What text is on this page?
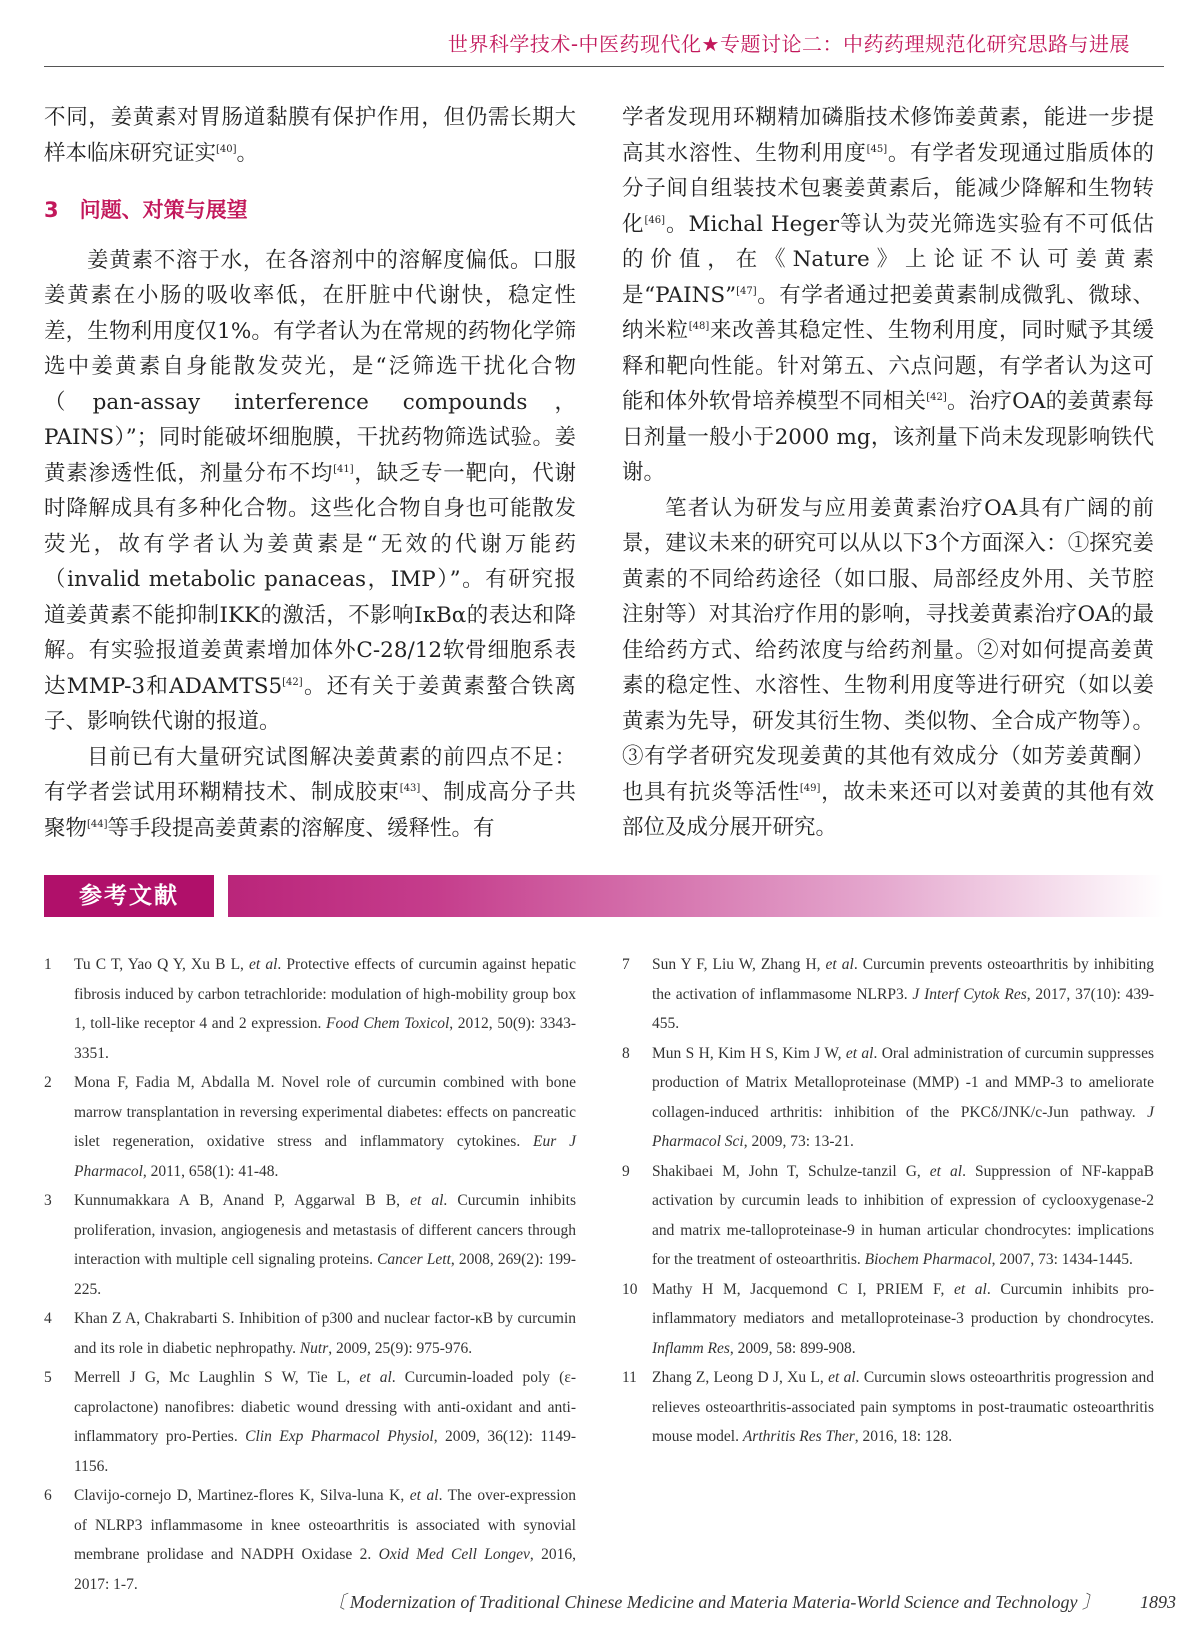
世界科学技术-中医药现代化★专题讨论二：中药药理规范化研究思路与进展

不同，姜黄素对胃肠道黏膜有保护作用，但仍需长期大样本临床研究证实[40]。

3　问题、对策与展望

姜黄素不溶于水，在各溶剂中的溶解度偏低。口服姜黄素在小肠的吸收率低，在肝脏中代谢快，稳定性差，生物利用度仅1%。有学者认为在常规的药物化学筛选中姜黄素自身能散发荧光，是“泛筛选干扰化合物（pan-assay interference compounds，PAINS）”；同时能破坏细胞膜，干扰药物筛选试验。姜黄素渗透性低，剂量分布不均[41]，缺乏专一靶向，代谢时降解成具有多种化合物。这些化合物自身也可能散发荧光，故有学者认为姜黄素是“无效的代谢万能药（invalid metabolic panaceas，IMP）”。有研究报道姜黄素不能抑制IKK的激活，不影响IκBα的表达和降解。有实验报道姜黄素增加体外C-28/12软骨细胞系表达MMP-3和ADAMTS5[42]。还有关于姜黄素螯合铁离子、影响铁代谢的报道。

目前已有大量研究试图解决姜黄素的前四点不足：有学者尝试用环糊精技术、制成胶束[43]、制成高分子共聚物[44]等手段提高姜黄素的溶解度、缓释性。有

学者发现用环糊精加磷脂技术修饰姜黄素，能进一步提高其水溶性、生物利用度[45]。有学者发现通过脂质体的分子间自组装技术包裹姜黄素后，能减少降解和生物转化[46]。Michal Heger等认为荧光筛选实验有不可低估的价值，在《Nature》上论证不认可姜黄素是“PAINS”[47]。有学者通过把姜黄素制成微乳、微球、纳米粒[48]来改善其稳定性、生物利用度，同时赋予其缓释和靶向性能。针对第五、六点问题，有学者认为这可能和体外软骨培养模型不同相关[42]。治疗OA的姜黄素每日剂量一般小于2000 mg，该剂量下尚未发现影响铁代谢。

笔者认为研发与应用姜黄素治疗OA具有广阔的前景，建议未来的研究可以从以下3个方面深入：①探究姜黄素的不同给药途径（如口服、局部经皮外用、关节腔注射等）对其治疗作用的影响，寻找姜黄素治疗OA的最佳给药方式、给药浓度与给药剂量。②对如何提高姜黄素的稳定性、水溶性、生物利用度等进行研究（如以姜黄素为先导，研发其衍生物、类似物、全合成产物等）。③有学者研究发现姜黄的其他有效成分（如芳姜黄酮）也具有抗炎等活性[49]，故未来还可以对姜黄的其他有效部位及成分展开研究。

参考文献
1	Tu C T, Yao Q Y, Xu B L, et al. Protective effects of curcumin against hepatic fibrosis induced by carbon tetrachloride: modulation of high-mobility group box 1, toll-like receptor 4 and 2 expression. Food Chem Toxicol, 2012, 50(9): 3343-3351.
2	Mona F, Fadia M, Abdalla M. Novel role of curcumin combined with bone marrow transplantation in reversing experimental diabetes: effects on pancreatic islet regeneration, oxidative stress and inflammatory cytokines. Eur J Pharmacol, 2011, 658(1): 41-48.
3	Kunnumakkara A B, Anand P, Aggarwal B B, et al. Curcumin inhibits proliferation, invasion, angiogenesis and metastasis of different cancers through interaction with multiple cell signaling proteins. Cancer Lett, 2008, 269(2): 199-225.
4	Khan Z A, Chakrabarti S. Inhibition of p300 and nuclear factor-κB by curcumin and its role in diabetic nephropathy. Nutr, 2009, 25(9): 975-976.
5	Merrell J G, Mc Laughlin S W, Tie L, et al. Curcumin-loaded poly (ε-caprolactone) nanofibres: diabetic wound dressing with anti-oxidant and anti-inflammatory pro-Perties. Clin Exp Pharmacol Physiol, 2009, 36(12): 1149-1156.
6	Clavijo-cornejo D, Martinez-flores K, Silva-luna K, et al. The over-expression of NLRP3 inflammasome in knee osteoarthritis is associated with synovial membrane prolidase and NADPH Oxidase 2. Oxid Med Cell Longev, 2016, 2017: 1-7.
7	Sun Y F, Liu W, Zhang H, et al. Curcumin prevents osteoarthritis by inhibiting the activation of inflammasome NLRP3. J Interf Cytok Res, 2017, 37(10): 439-455.
8	Mun S H, Kim H S, Kim J W, et al. Oral administration of curcumin suppresses production of Matrix Metalloproteinase (MMP) -1 and MMP-3 to ameliorate collagen-induced arthritis: inhibition of the PKCδ/JNK/c-Jun pathway. J Pharmacol Sci, 2009, 73: 13-21.
9	Shakibaei M, John T, Schulze-tanzil G, et al. Suppression of NF-kappaB activation by curcumin leads to inhibition of expression of cyclooxygenase-2 and matrix me-talloproteinase-9 in human articular chondrocytes: implications for the treatment of osteoarthritis. Biochem Pharmacol, 2007, 73: 1434-1445.
10 Mathy H M, Jacquemond C I, PRIEM F, et al. Curcumin inhibits pro-inflammatory mediators and metalloproteinase-3 production by chondrocytes. Inflamm Res, 2009, 58: 899-908.
11 Zhang Z, Leong D J, Xu L, et al. Curcumin slows osteoarthritis progression and relieves osteoarthritis-associated pain symptoms in post-traumatic osteoarthritis mouse model. Arthritis Res Ther, 2016, 18: 128.
〔 Modernization of Traditional Chinese Medicine and Materia Materia-World Science and Technology 〕 1893
